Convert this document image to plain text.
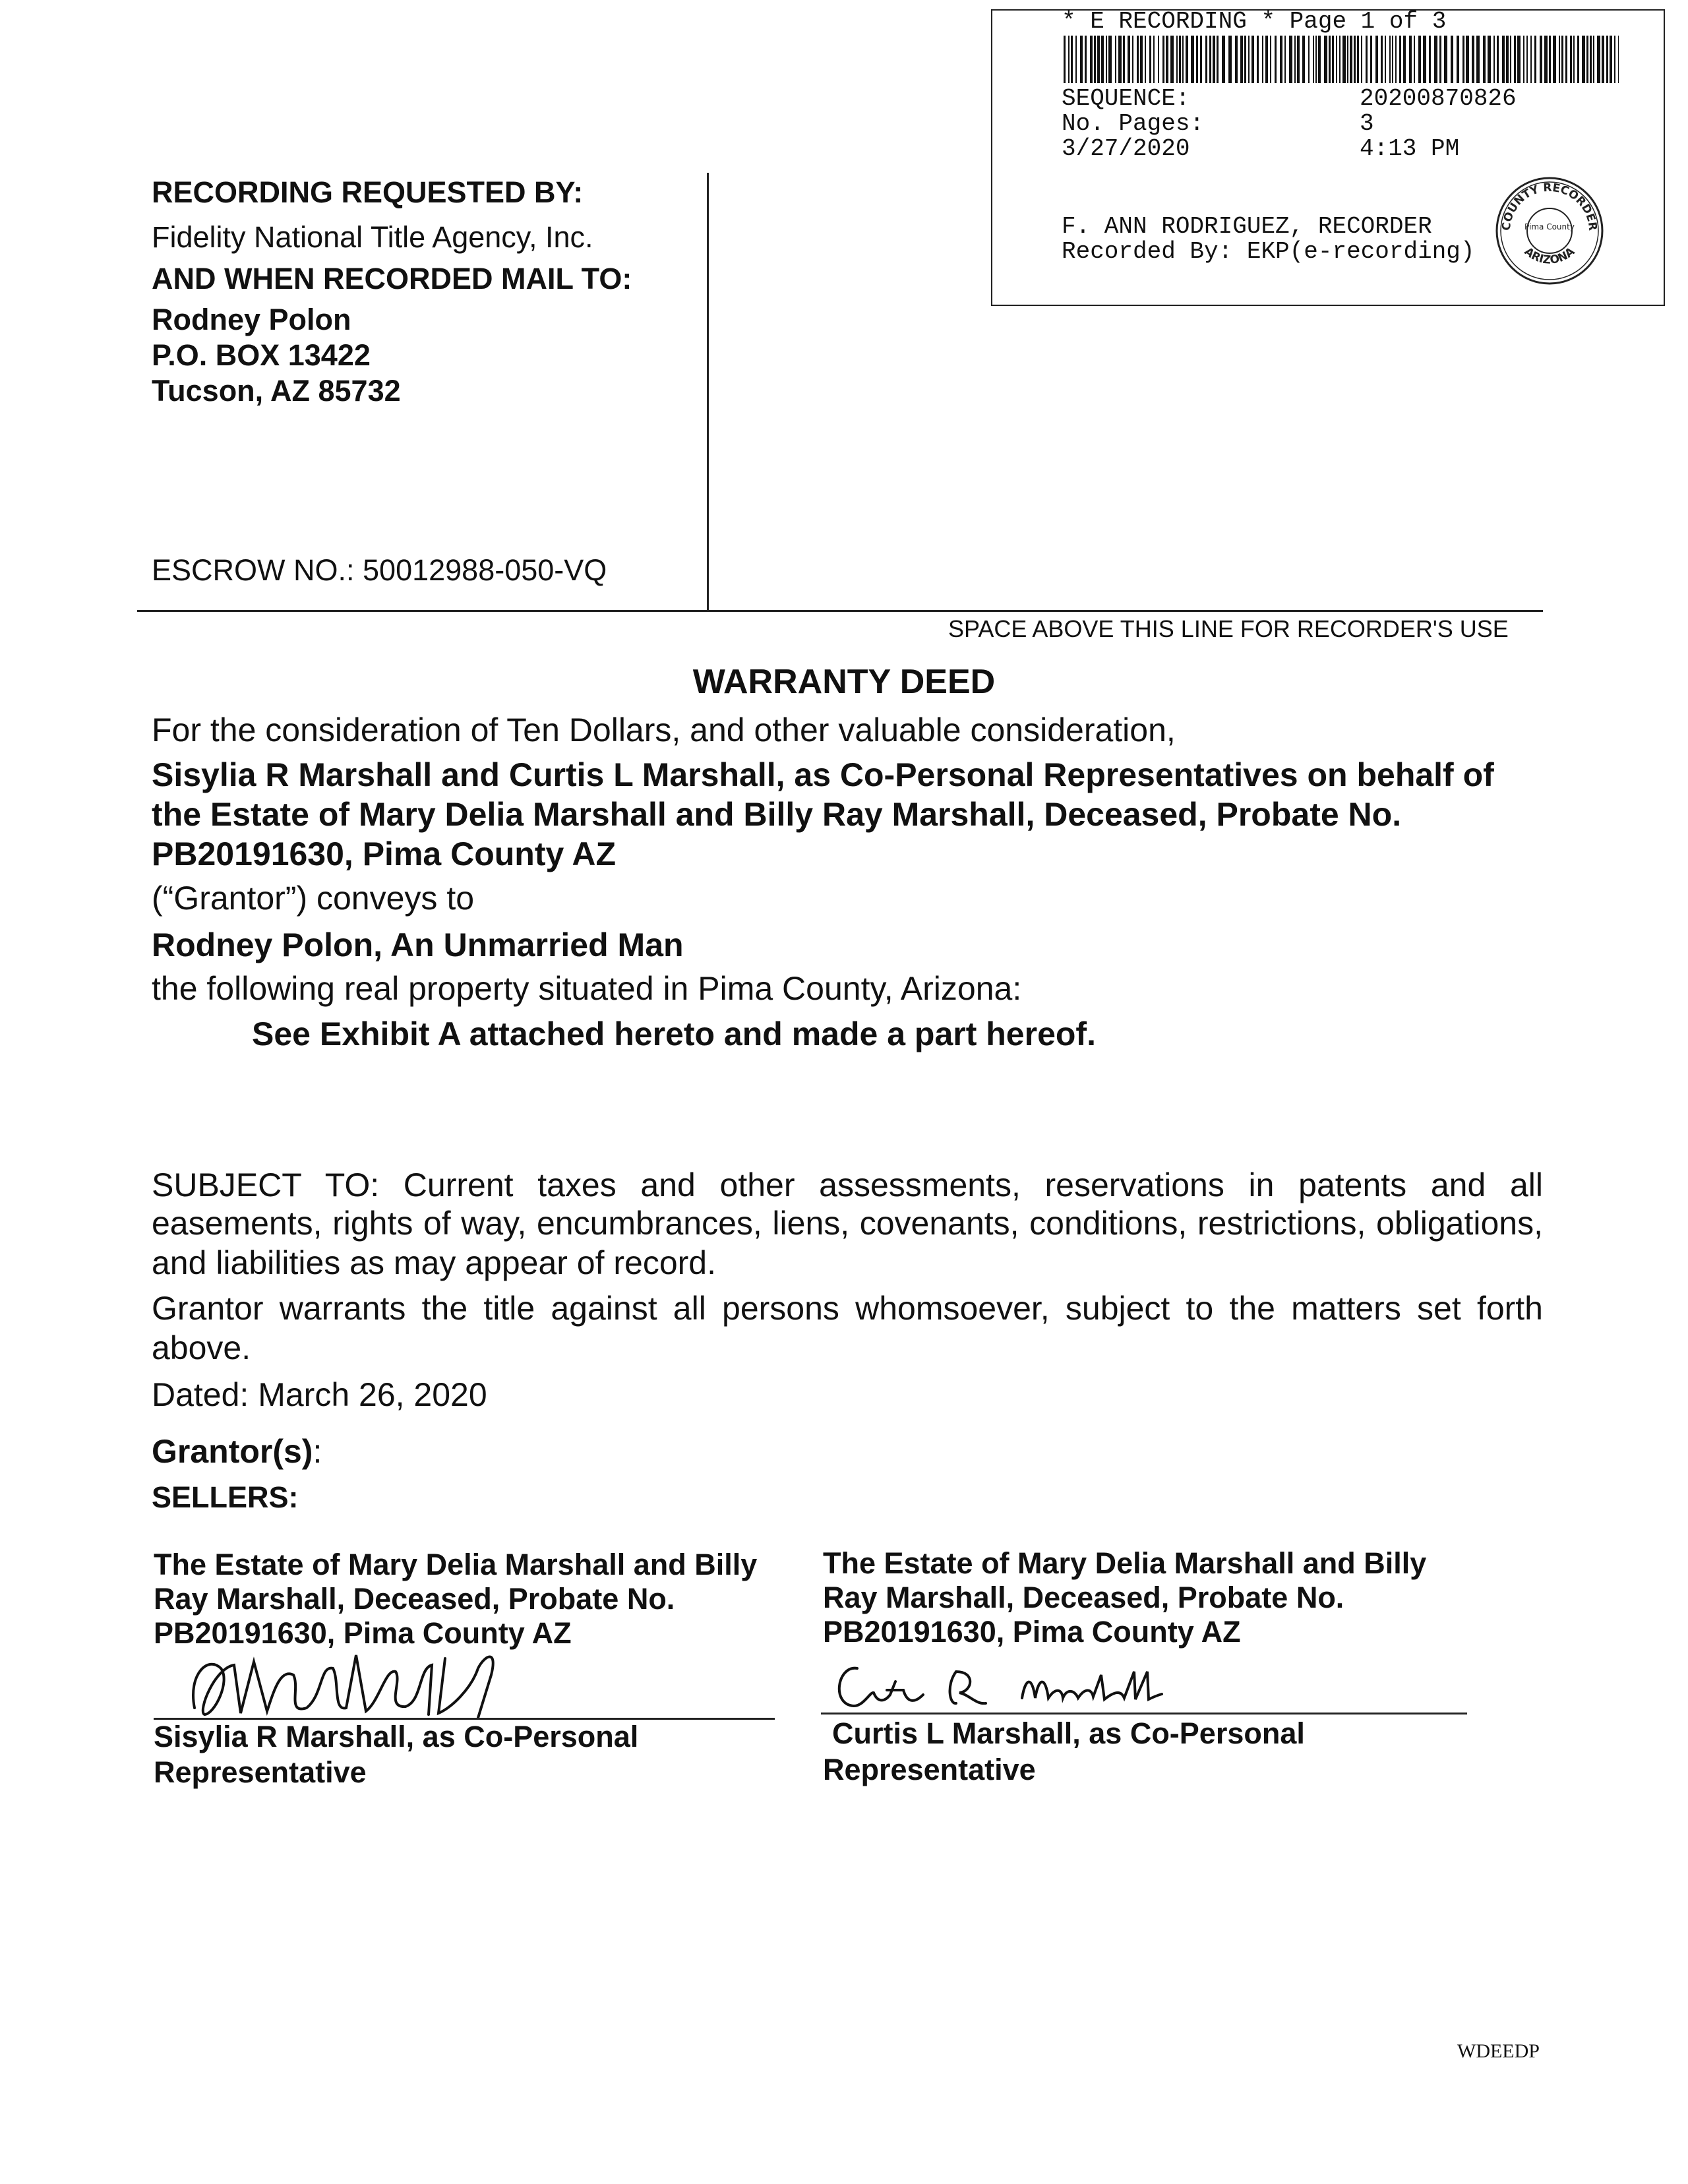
* E RECORDING * Page 1 of 3
SEQUENCE:	20200870826
No. Pages:	3
3/27/2020	4:13 PM
F. ANN RODRIGUEZ, RECORDER
Recorded By: EKP(e-recording)
COUNTY RECORDER
Pima County
ARIZONA
RECORDING REQUESTED BY:
Fidelity National Title Agency, Inc.
AND WHEN RECORDED MAIL TO:
Rodney Polon
P.O. BOX 13422
Tucson, AZ 85732
ESCROW NO.: 50012988-050-VQ
SPACE ABOVE THIS LINE FOR RECORDER'S USE
WARRANTY DEED
For the consideration of Ten Dollars, and other valuable consideration,
Sisylia R Marshall and Curtis L Marshall, as Co-Personal Representatives on behalf of
the Estate of Mary Delia Marshall and Billy Ray Marshall, Deceased, Probate No.
PB20191630, Pima County AZ
(“Grantor”) conveys to
Rodney Polon, An Unmarried Man
the following real property situated in Pima County, Arizona:
See Exhibit A attached hereto and made a part hereof.
SUBJECT TO: Current taxes and other assessments, reservations in patents and all
easements, rights of way, encumbrances, liens, covenants, conditions, restrictions, obligations,
and liabilities as may appear of record.
Grantor warrants the title against all persons whomsoever, subject to the matters set forth
above.
Dated: March 26, 2020
Grantor(s):
SELLERS:
The Estate of Mary Delia Marshall and Billy
Ray Marshall, Deceased, Probate No.
PB20191630, Pima County AZ
Sisylia R Marshall, as Co-Personal
Representative
The Estate of Mary Delia Marshall and Billy
Ray Marshall, Deceased, Probate No.
PB20191630, Pima County AZ
Curtis L Marshall, as Co-Personal
Representative
WDEEDP
